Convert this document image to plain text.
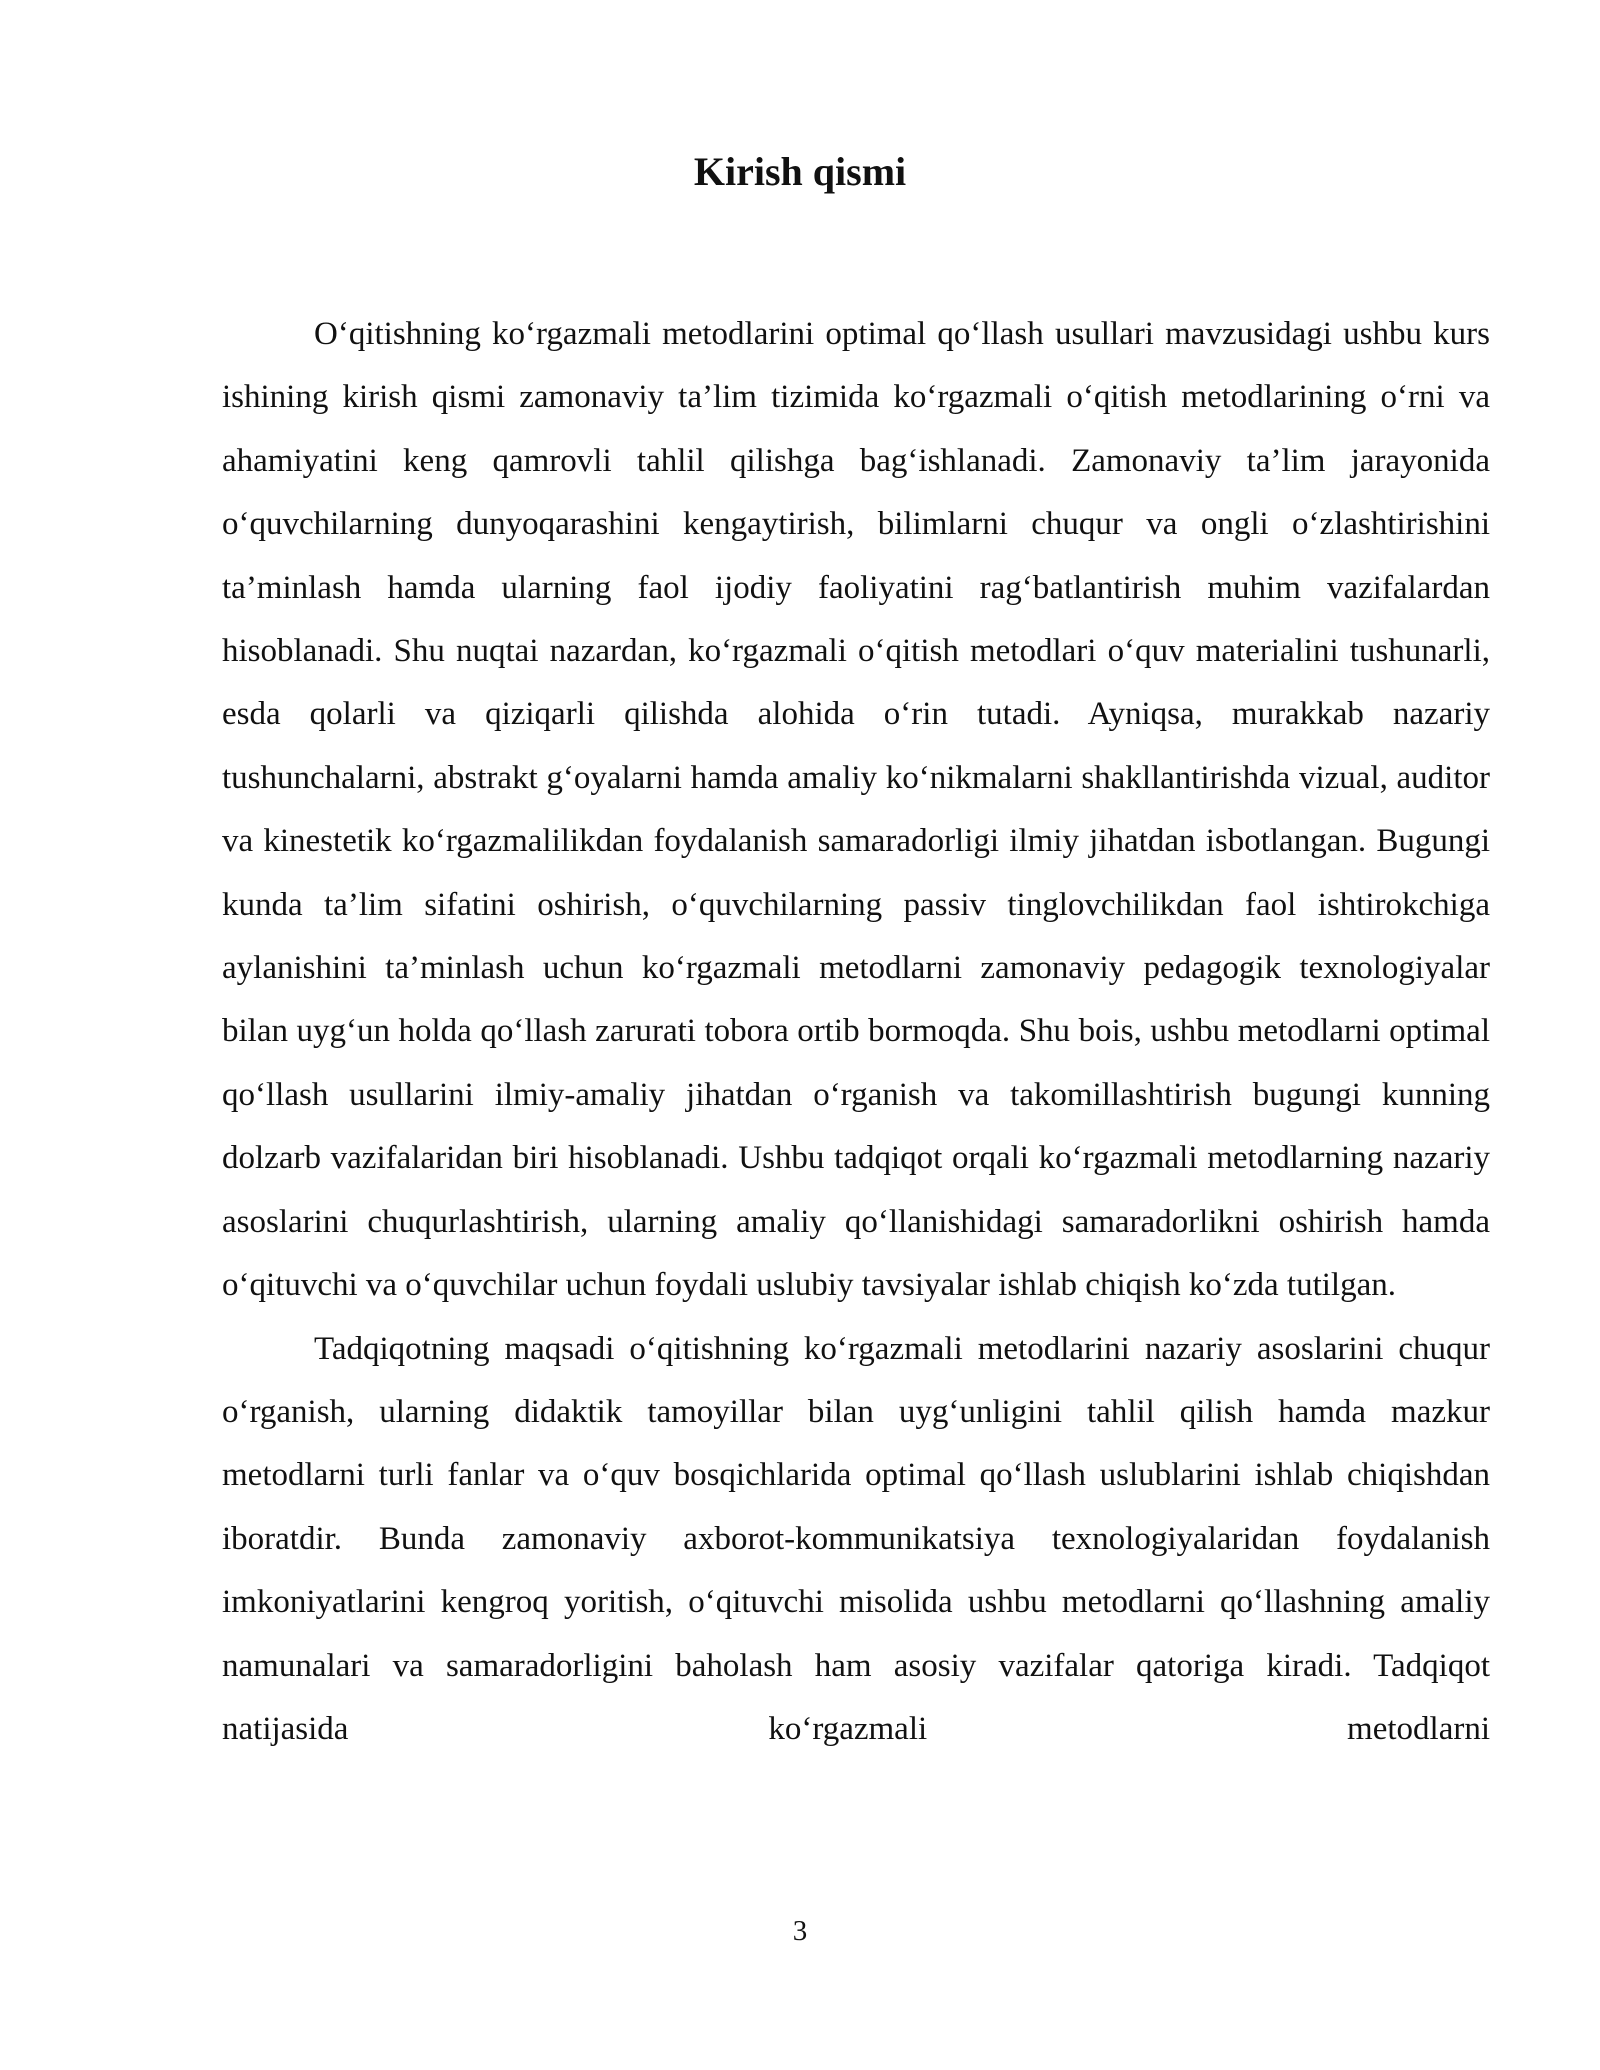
Kirish qismi

O‘qitishning ko‘rgazmali metodlarini optimal qo‘llash usullari mavzusidagi ushbu kurs ishining kirish qismi zamonaviy ta’lim tizimida ko‘rgazmali o‘qitish metodlarining o‘rni va ahamiyatini keng qamrovli tahlil qilishga bag‘ishlanadi. Zamonaviy ta’lim jarayonida o‘quvchilarning dunyoqarashini kengaytirish, bilimlarni chuqur va ongli o‘zlashtirishini ta’minlash hamda ularning faol ijodiy faoliyatini rag‘batlantirish muhim vazifalardan hisoblanadi. Shu nuqtai nazardan, ko‘rgazmali o‘qitish metodlari o‘quv materialini tushunarli, esda qolarli va qiziqarli qilishda alohida o‘rin tutadi. Ayniqsa, murakkab nazariy tushunchalarni, abstrakt g‘oyalarni hamda amaliy ko‘nikmalarni shakllantirishda vizual, auditor va kinestetik ko‘rgazmalilikdan foydalanish samaradorligi ilmiy jihatdan isbotlangan. Bugungi kunda ta’lim sifatini oshirish, o‘quvchilarning passiv tinglovchilikdan faol ishtirokchiga aylanishini ta’minlash uchun ko‘rgazmali metodlarni zamonaviy pedagogik texnologiyalar bilan uyg‘un holda qo‘llash zarurati tobora ortib bormoqda. Shu bois, ushbu metodlarni optimal qo‘llash usullarini ilmiy-amaliy jihatdan o‘rganish va takomillashtirish bugungi kunning dolzarb vazifalaridan biri hisoblanadi. Ushbu tadqiqot orqali ko‘rgazmali metodlarning nazariy asoslarini chuqurlashtirish, ularning amaliy qo‘llanishidagi samaradorlikni oshirish hamda o‘qituvchi va o‘quvchilar uchun foydali uslubiy tavsiyalar ishlab chiqish ko‘zda tutilgan.

Tadqiqotning maqsadi o‘qitishning ko‘rgazmali metodlarini nazariy asoslarini chuqur o‘rganish, ularning didaktik tamoyillar bilan uyg‘unligini tahlil qilish hamda mazkur metodlarni turli fanlar va o‘quv bosqichlarida optimal qo‘llash uslublarini ishlab chiqishdan iboratdir. Bunda zamonaviy axborot-kommunikatsiya texnologiyalaridan foydalanish imkoniyatlarini kengroq yoritish, o‘qituvchi misolida ushbu metodlarni qo‘llashning amaliy namunalari va samaradorligini baholash ham asosiy vazifalar qatoriga kiradi. Tadqiqot natijasida ko‘rgazmali metodlarni

3
